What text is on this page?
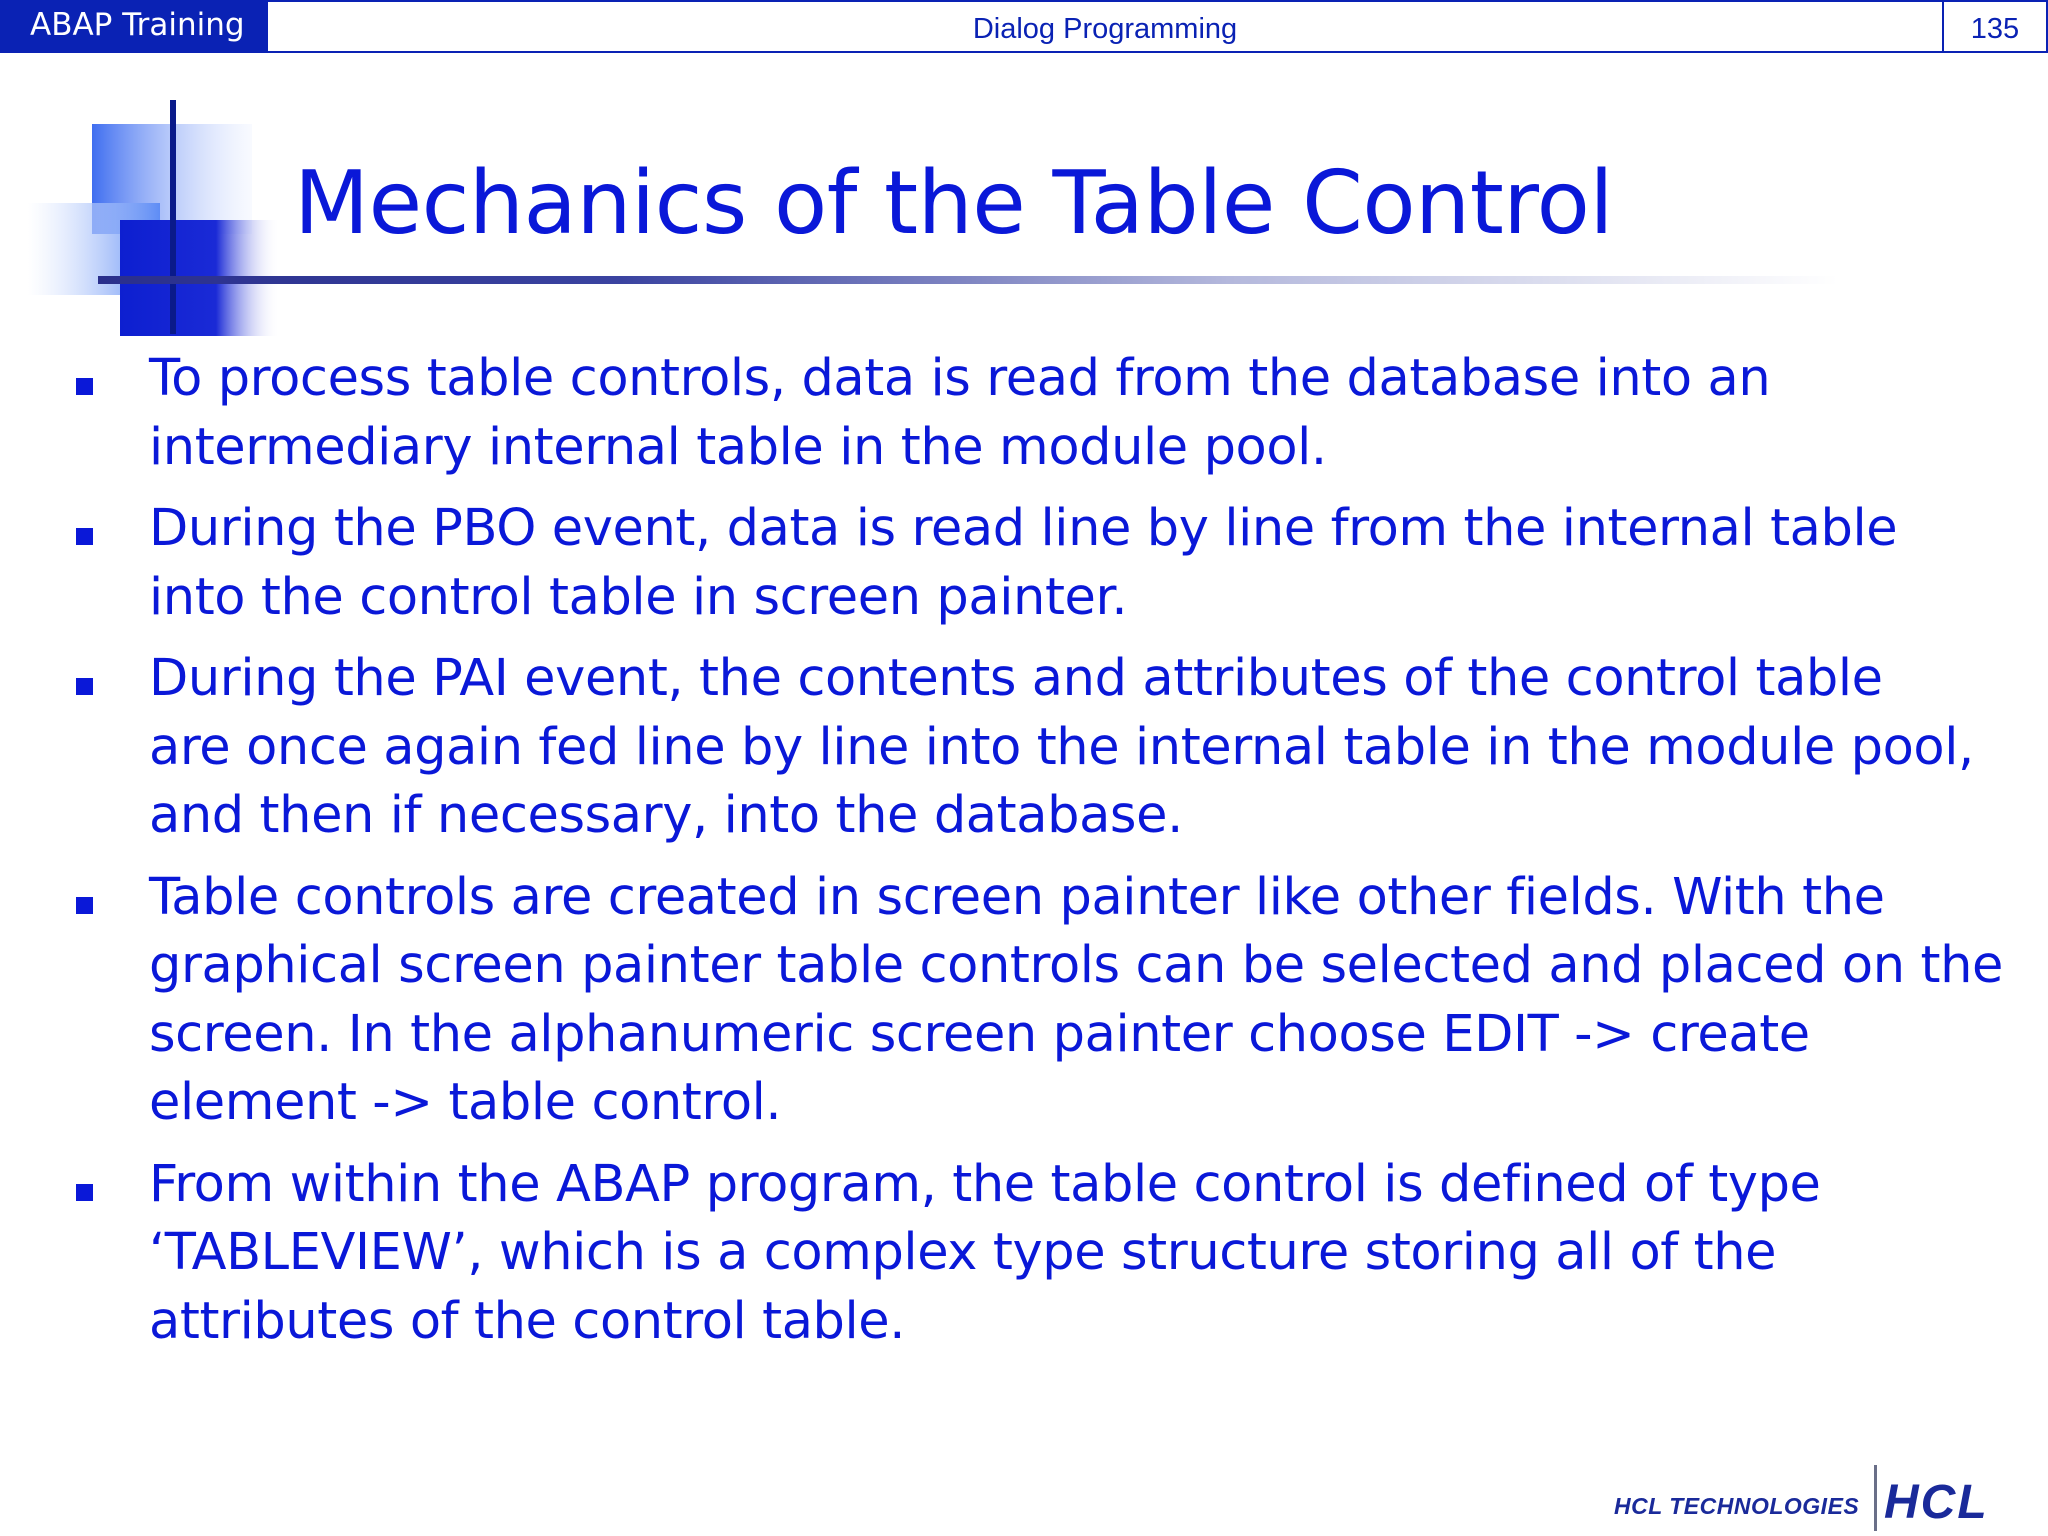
ABAP Training	Dialog Programming	135
Mechanics of the Table Control
To process table controls, data is read from the database into an
intermediary internal table in the module pool.
During the PBO event, data is read line by line from the internal table
into the control table in screen painter.
During the PAI event, the contents and attributes of the control table
are once again fed line by line into the internal table in the module pool,
and then if necessary, into the database.
Table controls are created in screen painter like other fields. With the
graphical screen painter table controls can be selected and placed on the
screen. In the alphanumeric screen painter choose EDIT -> create
element -> table control.
From within the ABAP program, the table control is defined of type
‘TABLEVIEW’, which is a complex type structure storing all of the
attributes of the control table.
HCL TECHNOLOGIES HCL
